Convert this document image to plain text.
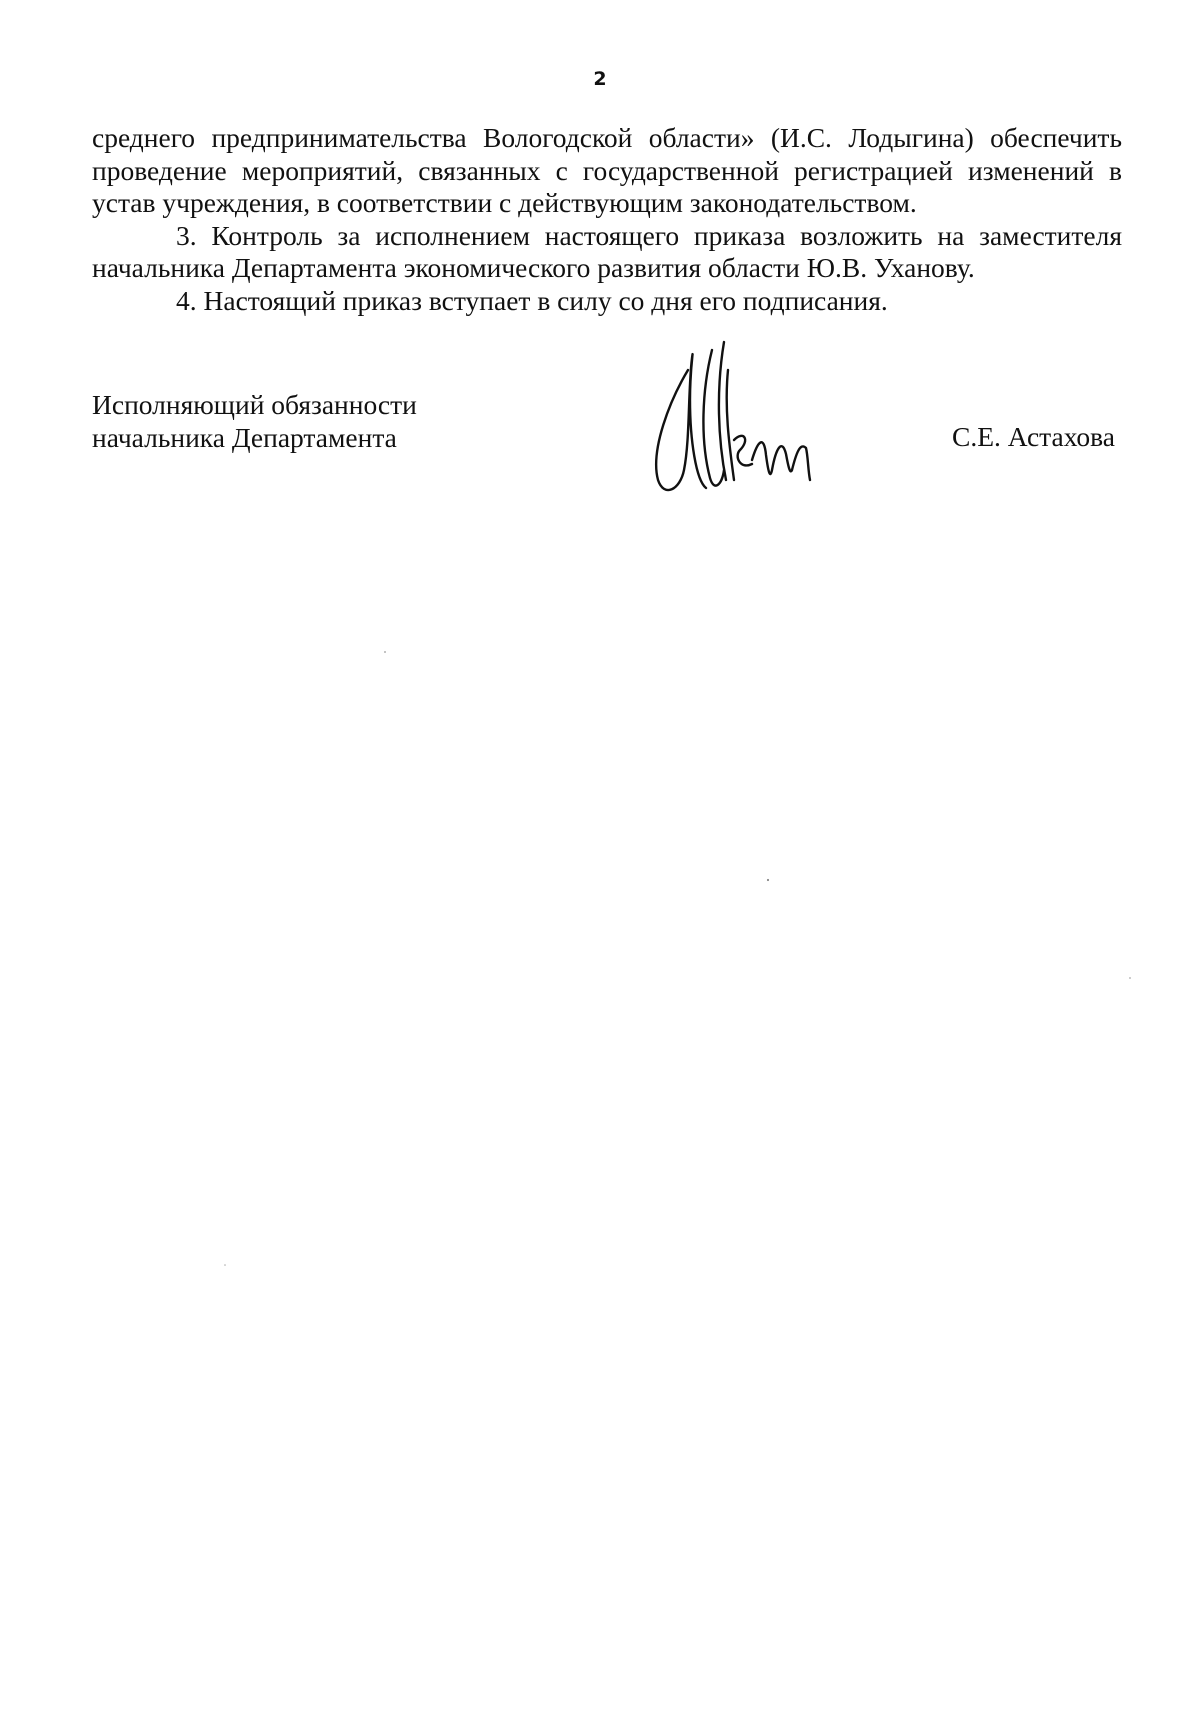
2

среднего предпринимательства Вологодской области» (И.С. Лодыгина) обеспечить проведение мероприятий, связанных с государственной регистрацией изменений в устав учреждения, в соответствии с действующим законодательством.

3. Контроль за исполнением настоящего приказа возложить на заместителя начальника Департамента экономического развития области Ю.В. Уханову.

4. Настоящий приказ вступает в силу со дня его подписания.

Исполняющий обязанности
начальника Департамента	С.Е. Астахова
